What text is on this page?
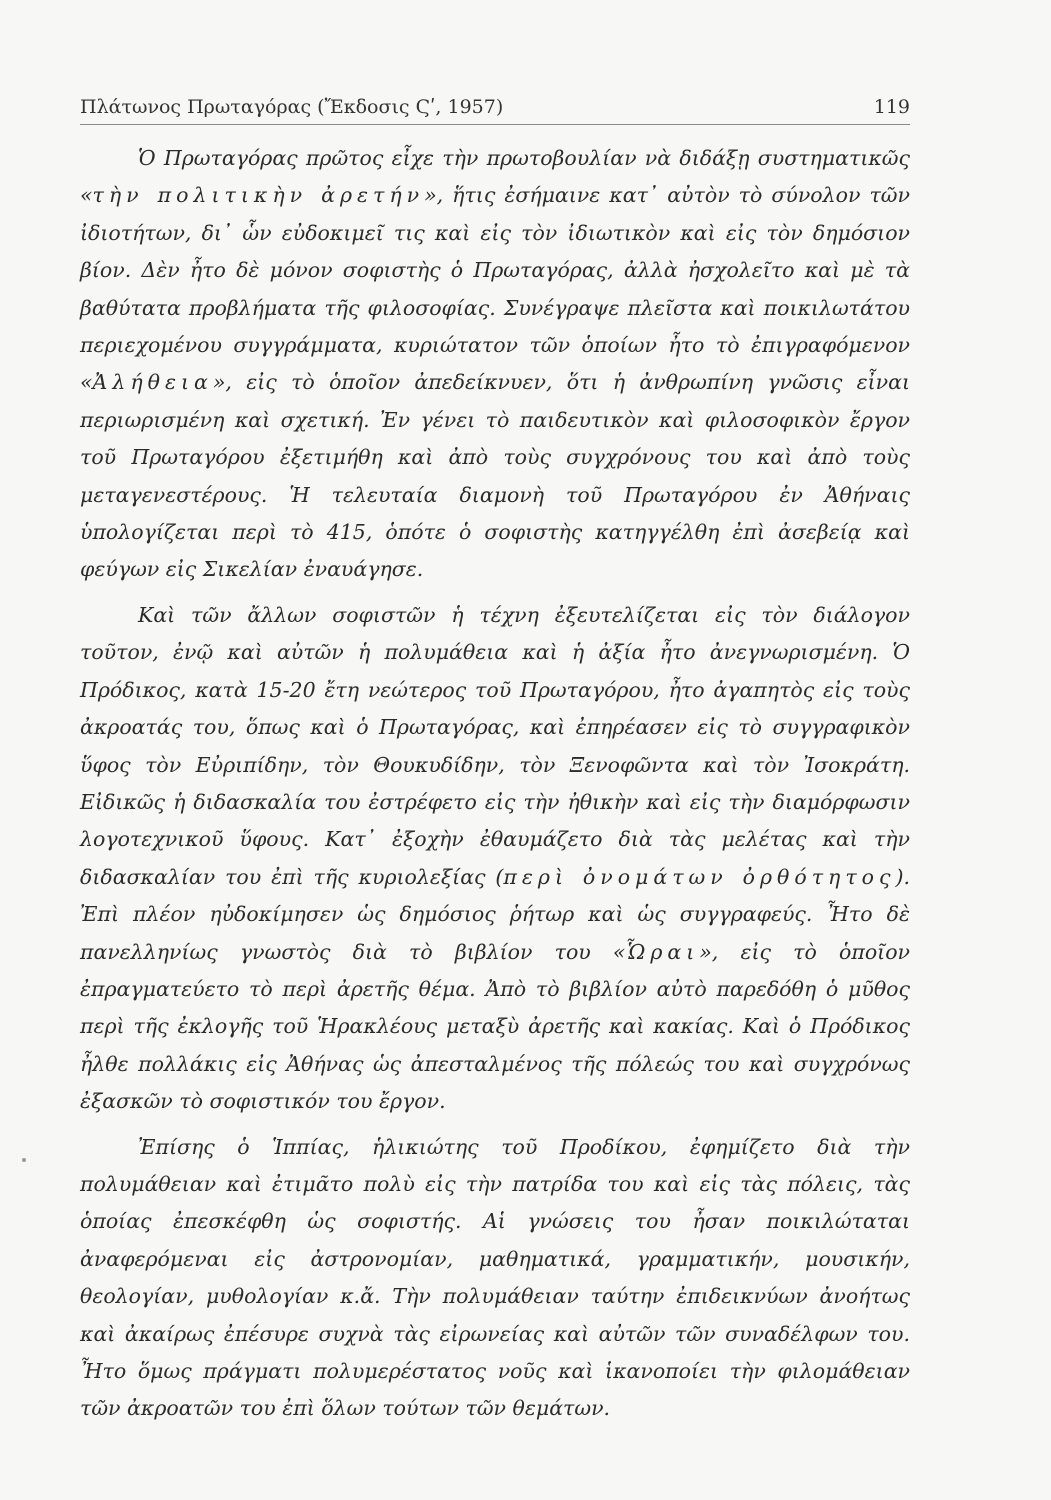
Πλάτωνος Πρωταγόρας (Ἔκδοσις Ϛʹ, 1957)	119

Ὁ Πρωταγόρας πρῶτος εἶχε τὴν πρωτοβουλίαν νὰ διδάξῃ συστηματικῶς «τὴν πολιτικὴν ἀρετήν», ἥτις ἐσήμαινε κατ᾽ αὐτὸν τὸ σύνολον τῶν ἰδιοτήτων, δι᾽ ὧν εὐδοκιμεῖ τις καὶ εἰς τὸν ἰδιωτικὸν καὶ εἰς τὸν δημόσιον βίον. Δὲν ἦτο δὲ μόνον σοφιστὴς ὁ Πρωταγόρας, ἀλλὰ ἠσχολεῖτο καὶ μὲ τὰ βαθύτατα προβλήματα τῆς φιλοσοφίας. Συνέγραψε πλεῖστα καὶ ποικιλωτάτου περιεχομένου συγγράμματα, κυριώτατον τῶν ὁποίων ἦτο τὸ ἐπιγραφόμενον «Ἀλήθεια», εἰς τὸ ὁποῖον ἀπεδείκνυεν, ὅτι ἡ ἀνθρωπίνη γνῶσις εἶναι περιωρισμένη καὶ σχετική. Ἐν γένει τὸ παιδευτικὸν καὶ φιλοσοφικὸν ἔργον τοῦ Πρωταγόρου ἐξετιμήθη καὶ ἀπὸ τοὺς συγχρόνους του καὶ ἀπὸ τοὺς μεταγενεστέρους. Ἡ τελευταία διαμονὴ τοῦ Πρωταγόρου ἐν Ἀθήναις ὑπολογίζεται περὶ τὸ 415, ὁπότε ὁ σοφιστὴς κατηγγέλθη ἐπὶ ἀσεβείᾳ καὶ φεύγων εἰς Σικελίαν ἐναυάγησε.

Καὶ τῶν ἄλλων σοφιστῶν ἡ τέχνη ἐξευτελίζεται εἰς τὸν διάλογον τοῦτον, ἐνῷ καὶ αὐτῶν ἡ πολυμάθεια καὶ ἡ ἀξία ἦτο ἀνεγνωρισμένη. Ὁ Πρόδικος, κατὰ 15-20 ἔτη νεώτερος τοῦ Πρωταγόρου, ἦτο ἀγαπητὸς εἰς τοὺς ἀκροατάς του, ὅπως καὶ ὁ Πρωταγόρας, καὶ ἐπηρέασεν εἰς τὸ συγγραφικὸν ὕφος τὸν Εὐριπίδην, τὸν Θουκυδίδην, τὸν Ξενοφῶντα καὶ τὸν Ἰσοκράτη. Εἰδικῶς ἡ διδασκαλία του ἐστρέφετο εἰς τὴν ἠθικὴν καὶ εἰς τὴν διαμόρφωσιν λογοτεχνικοῦ ὕφους. Κατ᾽ ἐξοχὴν ἐθαυμάζετο διὰ τὰς μελέτας καὶ τὴν διδασκαλίαν του ἐπὶ τῆς κυριολεξίας (περὶ ὀνομάτων ὀρθότητος). Ἐπὶ πλέον ηὐδοκίμησεν ὡς δημόσιος ῥήτωρ καὶ ὡς συγγραφεύς. Ἦτο δὲ πανελληνίως γνωστὸς διὰ τὸ βιβλίον του «Ὧραι», εἰς τὸ ὁποῖον ἐπραγματεύετο τὸ περὶ ἀρετῆς θέμα. Ἀπὸ τὸ βιβλίον αὐτὸ παρεδόθη ὁ μῦθος περὶ τῆς ἐκλογῆς τοῦ Ἡρακλέους μεταξὺ ἀρετῆς καὶ κακίας. Καὶ ὁ Πρόδικος ἦλθε πολλάκις εἰς Ἀθήνας ὡς ἀπεσταλμένος τῆς πόλεώς του καὶ συγχρόνως ἐξασκῶν τὸ σοφιστικόν του ἔργον.

Ἐπίσης ὁ Ἱππίας, ἡλικιώτης τοῦ Προδίκου, ἐφημίζετο διὰ τὴν πολυμάθειαν καὶ ἐτιμᾶτο πολὺ εἰς τὴν πατρίδα του καὶ εἰς τὰς πόλεις, τὰς ὁποίας ἐπεσκέφθη ὡς σοφιστής. Αἱ γνώσεις του ἦσαν ποικιλώταται ἀναφερόμεναι εἰς ἀστρονομίαν, μαθηματικά, γραμματικήν, μουσικήν, θεολογίαν, μυθολογίαν κ.ἄ. Τὴν πολυμάθειαν ταύτην ἐπιδεικνύων ἀνοήτως καὶ ἀκαίρως ἐπέσυρε συχνὰ τὰς εἰρωνείας καὶ αὐτῶν τῶν συναδέλφων του. Ἦτο ὅμως πράγματι πολυμερέστατος νοῦς καὶ ἱκανοποίει τὴν φιλομάθειαν τῶν ἀκροατῶν του ἐπὶ ὅλων τούτων τῶν θεμάτων.
